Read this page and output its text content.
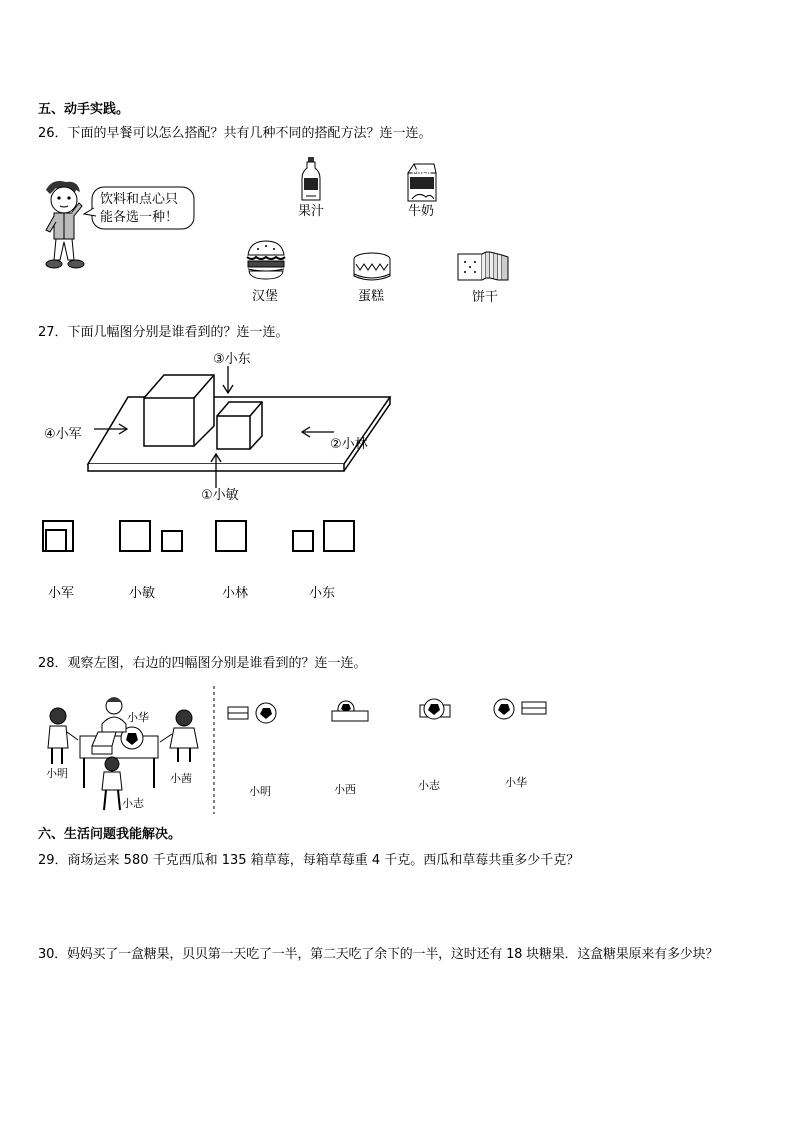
五、动手实践。
26．下面的早餐可以怎么搭配？共有几种不同的搭配方法？连一连。
饮料和点心只
能各选一种！	果汁
MILK
牛奶
汉堡	蛋糕	饼干
27．下面几幅图分别是谁看到的？连一连。
③小东
④小军
②小林
①小敏
小军	小敏	小林	小东
28．观察左图，右边的四幅图分别是谁看到的？连一连。
小华
小明	小茜
小志
小明	小西	小志	小华
六、生活问题我能解决。
29．商场运来 580 千克西瓜和 135 箱草莓，每箱草莓重 4 千克。西瓜和草莓共重多少千克？
30．妈妈买了一盒糖果，贝贝第一天吃了一半，第二天吃了余下的一半，这时还有 18 块糖果．这盒糖果原来有多少块？
